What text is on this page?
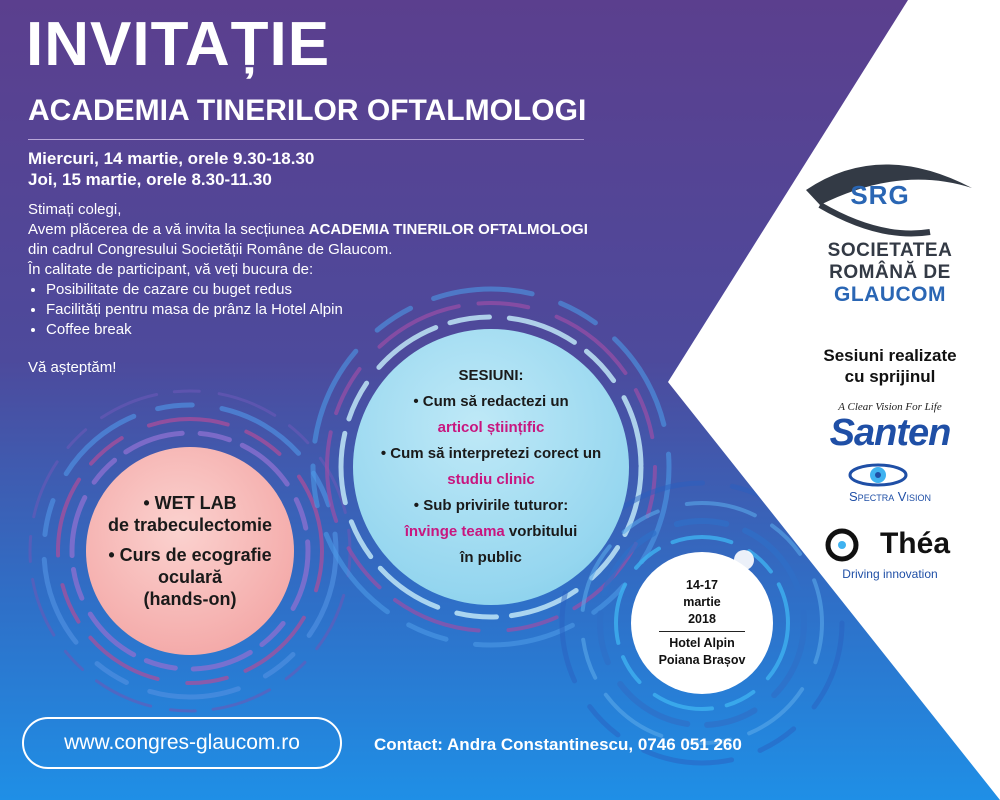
INVITAȚIE
ACADEMIA TINERILOR OFTALMOLOGI
Miercuri, 14 martie, orele 9.30-18.30
Joi, 15 martie, orele 8.30-11.30
Stimați colegi,
Avem plăcerea de a vă invita la secțiunea ACADEMIA TINERILOR OFTALMOLOGI
din cadrul Congresului Societății Române de Glaucom.
În calitate de participant, vă veți bucura de:
• Posibilitate de cazare cu buget redus
• Facilități pentru masa de prânz la Hotel Alpin
• Coffee break
Vă așteptăm!
• WET LAB
de trabeculectomie
• Curs de ecografie
oculară
(hands-on)
SESIUNI:
• Cum să redactezi un
articol științific
• Cum să interpretezi corect un
studiu clinic
• Sub privirile tuturor:
învinge teama vorbitului
în public
14-17
martie
2018
Hotel Alpin
Poiana Brașov
www.congres-glaucom.ro	Contact: Andra Constantinescu, 0746 051 260
SRG
SOCIETATEA
ROMÂNĂ DE
GLAUCOM
Sesiuni realizate
cu sprijinul
A Clear Vision For Life
Santen
Spectra Vision
Théa
Driving innovation
